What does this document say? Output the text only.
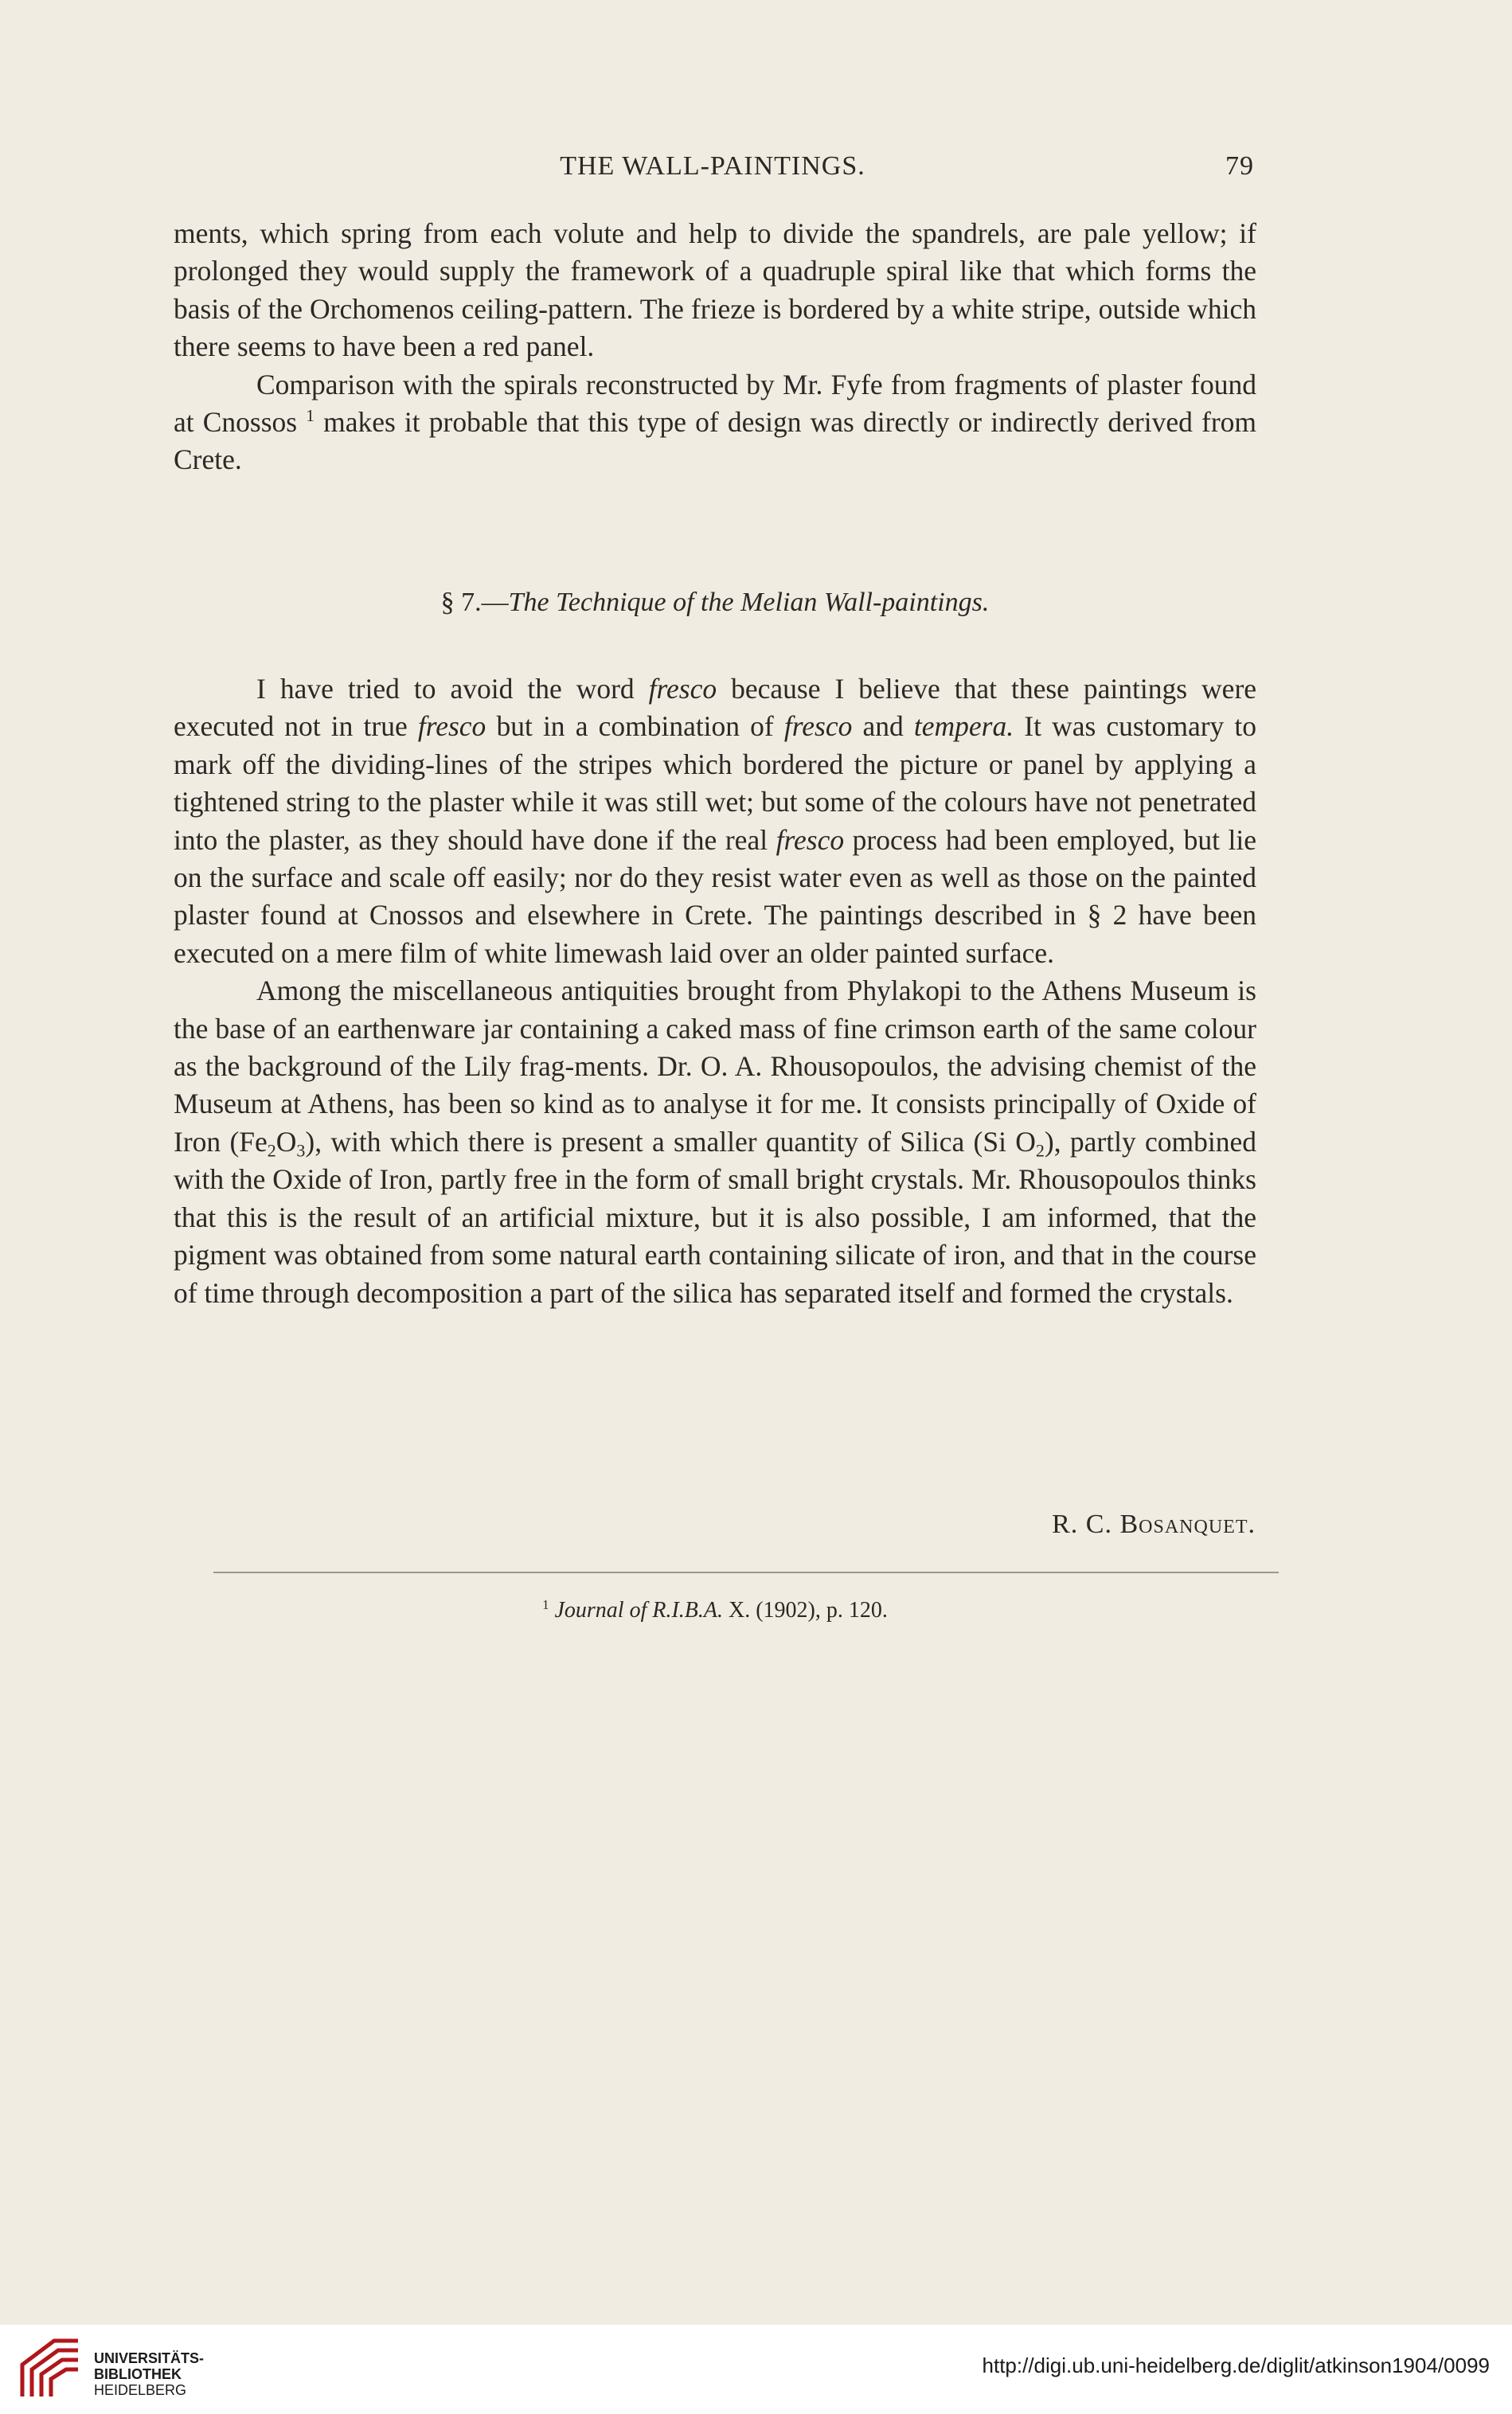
THE WALL-PAINTINGS.	79

ments, which spring from each volute and help to divide the spandrels, are pale yellow; if prolonged they would supply the framework of a quadruple spiral like that which forms the basis of the Orchomenos ceiling-pattern. The frieze is bordered by a white stripe, outside which there seems to have been a red panel.

Comparison with the spirals reconstructed by Mr. Fyfe from fragments of plaster found at Cnossos $^1$ makes it probable that this type of design was directly or indirectly derived from Crete.

§ 7.—The Technique of the Melian Wall-paintings.

I have tried to avoid the word fresco because I believe that these paintings were executed not in true fresco but in a combination of fresco and tempera. It was customary to mark off the dividing-lines of the stripes which bordered the picture or panel by applying a tightened string to the plaster while it was still wet; but some of the colours have not penetrated into the plaster, as they should have done if the real fresco process had been employed, but lie on the surface and scale off easily; nor do they resist water even as well as those on the painted plaster found at Cnossos and elsewhere in Crete. The paintings described in § 2 have been executed on a mere film of white limewash laid over an older painted surface.

Among the miscellaneous antiquities brought from Phylakopi to the Athens Museum is the base of an earthenware jar containing a caked mass of fine crimson earth of the same colour as the background of the Lily frag-ments. Dr. O. A. Rhousopoulos, the advising chemist of the Museum at Athens, has been so kind as to analyse it for me. It consists principally of Oxide of Iron $(Fe_2O_3)$, with which there is present a smaller quantity of Silica (Si $O_2$), partly combined with the Oxide of Iron, partly free in the form of small bright crystals. Mr. Rhousopoulos thinks that this is the result of an artificial mixture, but it is also possible, I am informed, that the pigment was obtained from some natural earth containing silicate of iron, and that in the course of time through decomposition a part of the silica has separated itself and formed the crystals.

R. C. Bosanquet.
$^1$ Journal of R.I.B.A. X. (1902), p. 120.
UNIVERSITÄTS-
BIBLIOTHEK
HEIDELBERG
http://digi.ub.uni-heidelberg.de/diglit/atkinson1904/0099
